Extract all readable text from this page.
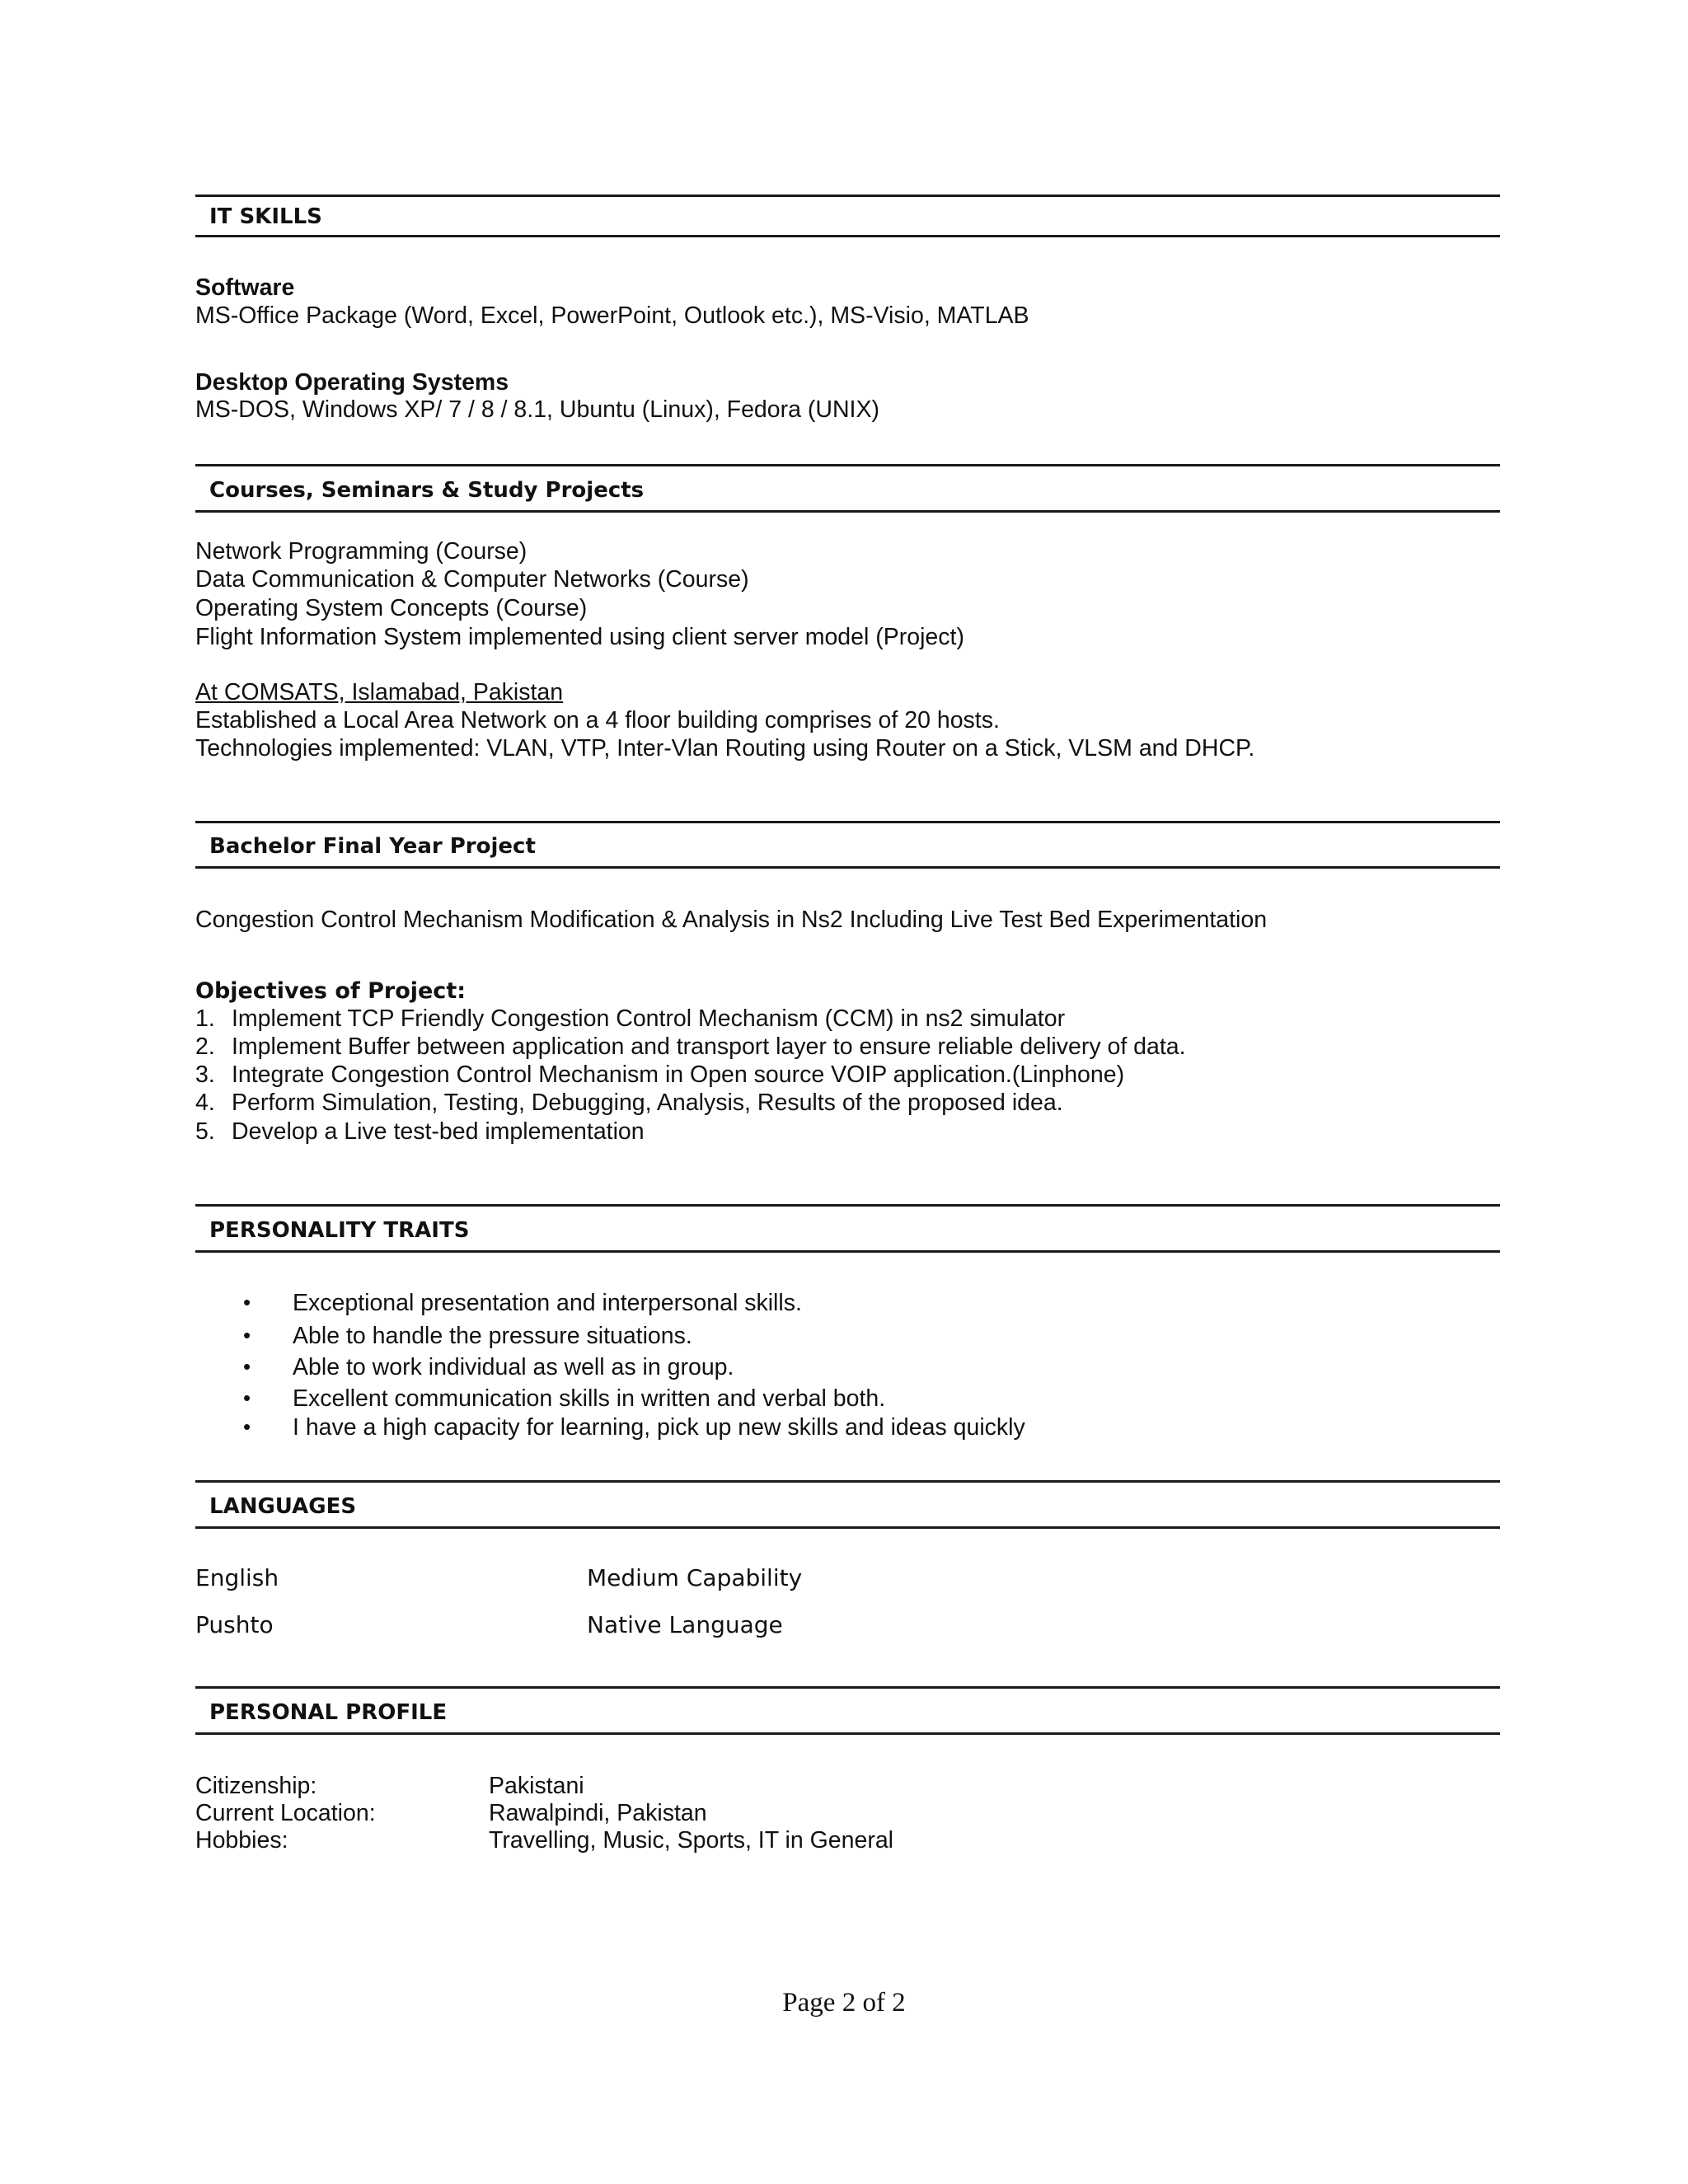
IT SKILLS
Software
MS-Office Package (Word, Excel, PowerPoint, Outlook etc.), MS-Visio, MATLAB
Desktop Operating Systems
MS-DOS, Windows XP/ 7 / 8 / 8.1, Ubuntu (Linux), Fedora (UNIX)
Courses, Seminars & Study Projects
Network Programming (Course)
Data Communication & Computer Networks (Course)
Operating System Concepts (Course)
Flight Information System implemented using client server model (Project)
At COMSATS, Islamabad, Pakistan
Established a Local Area Network on a 4 floor building comprises of 20 hosts.
Technologies implemented: VLAN, VTP, Inter-Vlan Routing using Router on a Stick, VLSM and DHCP.
Bachelor Final Year Project
Congestion Control Mechanism Modification & Analysis in Ns2 Including Live Test Bed Experimentation
Objectives of Project:
1. Implement TCP Friendly Congestion Control Mechanism (CCM) in ns2 simulator
2. Implement Buffer between application and transport layer to ensure reliable delivery of data.
3. Integrate Congestion Control Mechanism in Open source VOIP application.(Linphone)
4. Perform Simulation, Testing, Debugging, Analysis, Results of the proposed idea.
5. Develop a Live test-bed implementation
PERSONALITY TRAITS
• Exceptional presentation and interpersonal skills.
• Able to handle the pressure situations.
• Able to work individual as well as in group.
• Excellent communication skills in written and verbal both.
• I have a high capacity for learning, pick up new skills and ideas quickly
LANGUAGES
English	Medium Capability
Pushto	Native Language
PERSONAL PROFILE
Citizenship:	Pakistani
Current Location:	Rawalpindi, Pakistan
Hobbies:	Travelling, Music, Sports, IT in General
Page 2 of 2
